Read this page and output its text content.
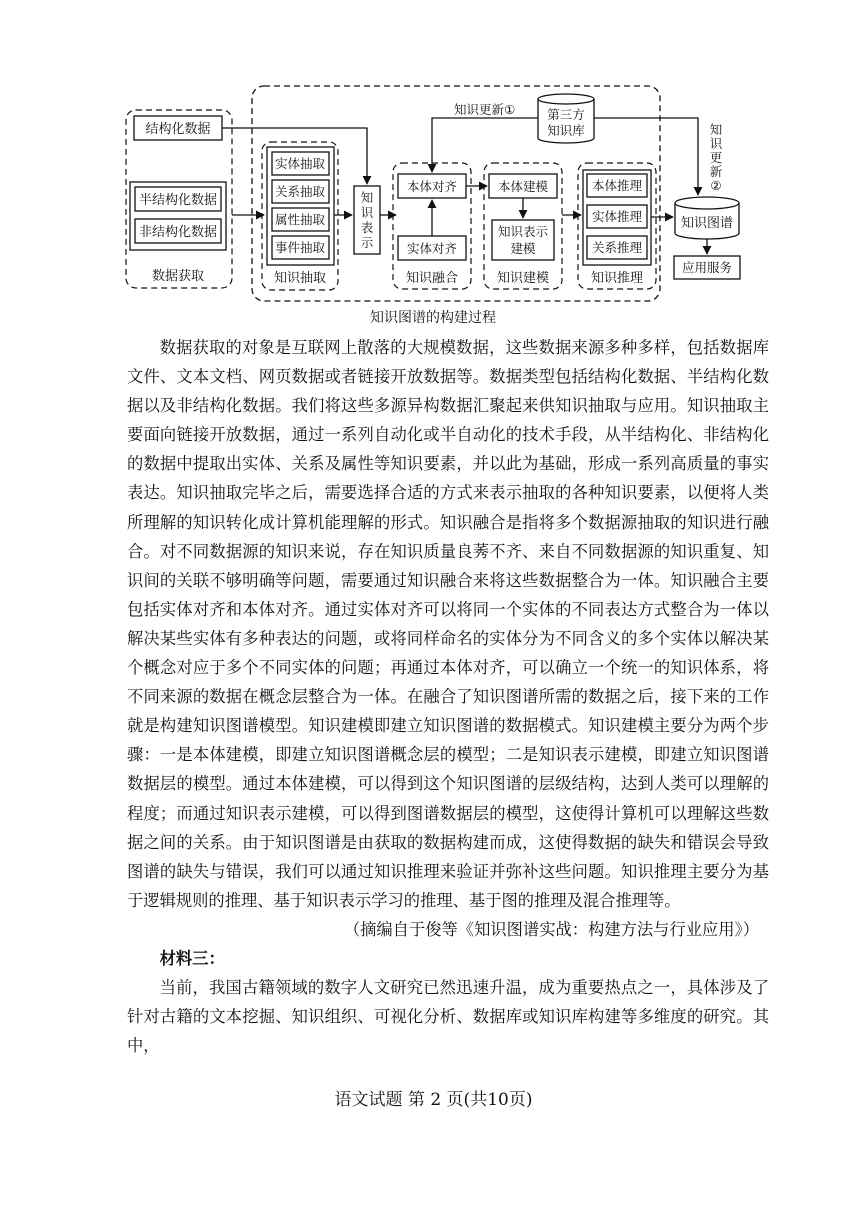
结构化数据
半结构化数据
非结构化数据
数据获取
实体抽取
关系抽取
属性抽取
事件抽取
知识抽取
知
识
表
示
本体对齐
实体对齐
知识融合
本体建模
知识表示
建模
知识建模
本体推理
实体推理
关系推理
知识推理
第三方
知识库
知识图谱
应用服务
知识更新①
知
识
更
新
②
知识图谱的构建过程

数据获取的对象是互联网上散落的大规模数据，这些数据来源多种多样，包括数据库文件、文本文档、网页数据或者链接开放数据等。数据类型包括结构化数据、半结构化数据以及非结构化数据。我们将这些多源异构数据汇聚起来供知识抽取与应用。知识抽取主要面向链接开放数据，通过一系列自动化或半自动化的技术手段，从半结构化、非结构化的数据中提取出实体、关系及属性等知识要素，并以此为基础，形成一系列高质量的事实表达。知识抽取完毕之后，需要选择合适的方式来表示抽取的各种知识要素，以便将人类所理解的知识转化成计算机能理解的形式。知识融合是指将多个数据源抽取的知识进行融合。对不同数据源的知识来说，存在知识质量良莠不齐、来自不同数据源的知识重复、知识间的关联不够明确等问题，需要通过知识融合来将这些数据整合为一体。知识融合主要包括实体对齐和本体对齐。通过实体对齐可以将同一个实体的不同表达方式整合为一体以解决某些实体有多种表达的问题，或将同样命名的实体分为不同含义的多个实体以解决某个概念对应于多个不同实体的问题；再通过本体对齐，可以确立一个统一的知识体系，将不同来源的数据在概念层整合为一体。在融合了知识图谱所需的数据之后，接下来的工作就是构建知识图谱模型。知识建模即建立知识图谱的数据模式。知识建模主要分为两个步骤：一是本体建模，即建立知识图谱概念层的模型；二是知识表示建模，即建立知识图谱数据层的模型。通过本体建模，可以得到这个知识图谱的层级结构，达到人类可以理解的程度；而通过知识表示建模，可以得到图谱数据层的模型，这使得计算机可以理解这些数据之间的关系。由于知识图谱是由获取的数据构建而成，这使得数据的缺失和错误会导致图谱的缺失与错误，我们可以通过知识推理来验证并弥补这些问题。知识推理主要分为基于逻辑规则的推理、基于知识表示学习的推理、基于图的推理及混合推理等。

（摘编自于俊等《知识图谱实战：构建方法与行业应用》）

材料三：

当前，我国古籍领域的数字人文研究已然迅速升温，成为重要热点之一，具体涉及了针对古籍的文本挖掘、知识组织、可视化分析、数据库或知识库构建等多维度的研究。其中，

语文试题 第 2 页(共10页)
